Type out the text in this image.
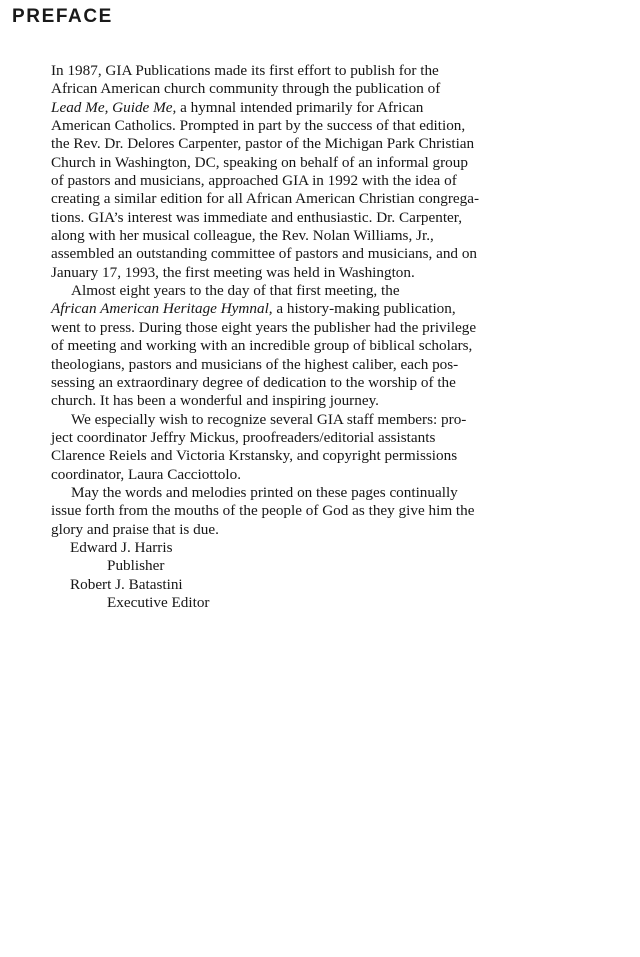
PREFACE
In 1987, GIA Publications made its first effort to publish for the
African American church community through the publication of
Lead Me, Guide Me, a hymnal intended primarily for African
American Catholics. Prompted in part by the success of that edition,
the Rev. Dr. Delores Carpenter, pastor of the Michigan Park Christian
Church in Washington, DC, speaking on behalf of an informal group
of pastors and musicians, approached GIA in 1992 with the idea of
creating a similar edition for all African American Christian congrega-
tions. GIA’s interest was immediate and enthusiastic. Dr. Carpenter,
along with her musical colleague, the Rev. Nolan Williams, Jr.,
assembled an outstanding committee of pastors and musicians, and on
January 17, 1993, the first meeting was held in Washington.
Almost eight years to the day of that first meeting, the
African American Heritage Hymnal, a history-making publication,
went to press. During those eight years the publisher had the privilege
of meeting and working with an incredible group of biblical scholars,
theologians, pastors and musicians of the highest caliber, each pos-
sessing an extraordinary degree of dedication to the worship of the
church. It has been a wonderful and inspiring journey.
We especially wish to recognize several GIA staff members: pro-
ject coordinator Jeffry Mickus, proofreaders/editorial assistants
Clarence Reiels and Victoria Krstansky, and copyright permissions
coordinator, Laura Cacciottolo.
May the words and melodies printed on these pages continually
issue forth from the mouths of the people of God as they give him the
glory and praise that is due.
Edward J. Harris
Publisher
Robert J. Batastini
Executive Editor
